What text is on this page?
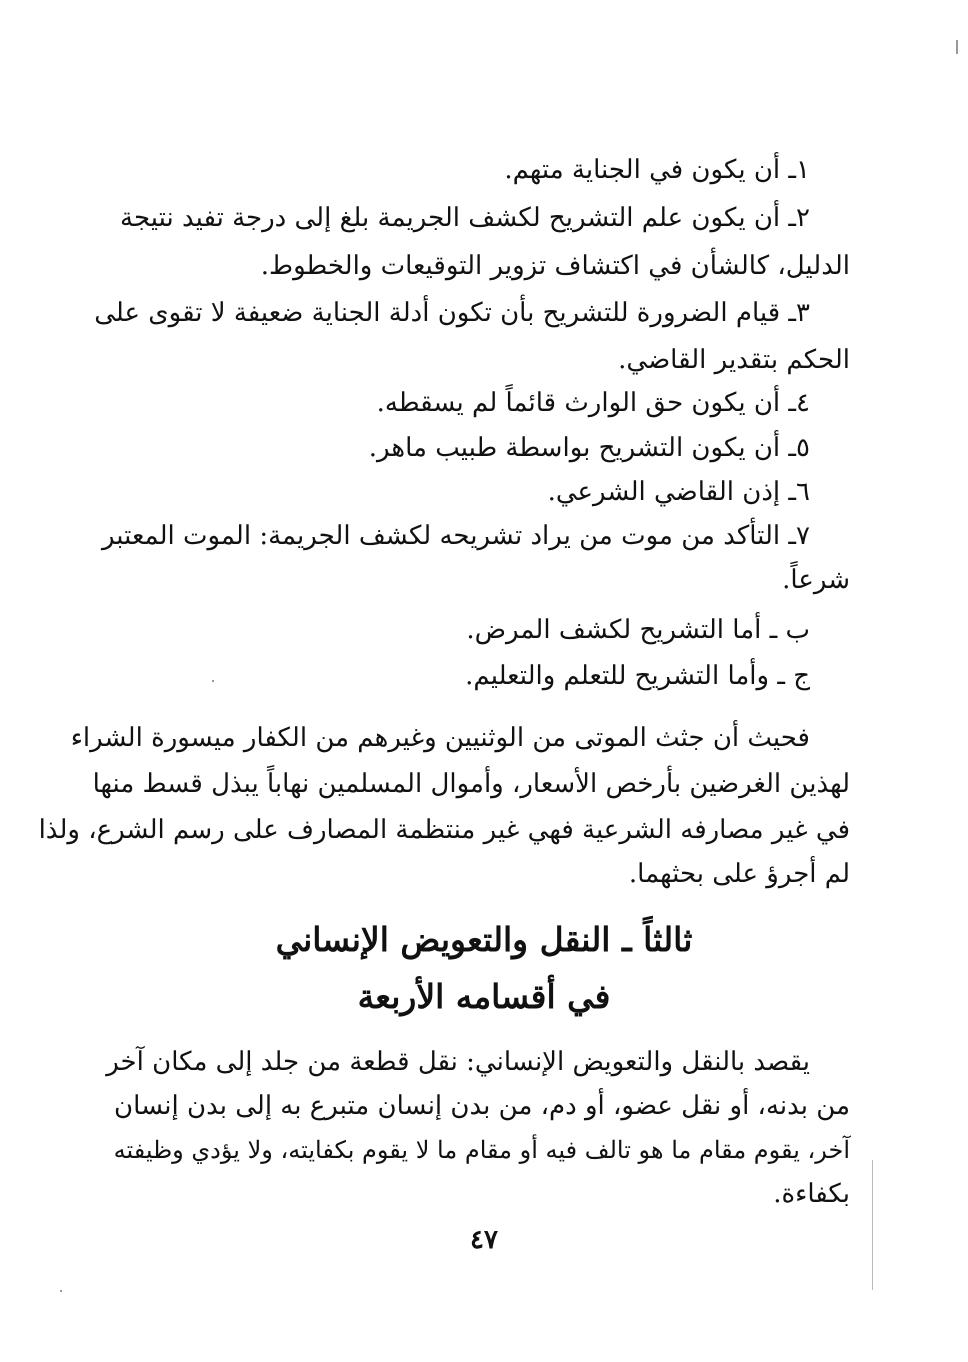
١ـ أن يكون في الجناية متهم.
٢ـ أن يكون علم التشريح لكشف الجريمة بلغ إلى درجة تفيد نتيجة
الدليل، كالشأن في اكتشاف تزوير التوقيعات والخطوط.
٣ـ قيام الضرورة للتشريح بأن تكون أدلة الجناية ضعيفة لا تقوى على
الحكم بتقدير القاضي.
٤ـ أن يكون حق الوارث قائماً لم يسقطه.
٥ـ أن يكون التشريح بواسطة طبيب ماهر.
٦ـ إذن القاضي الشرعي.
٧ـ التأكد من موت من يراد تشريحه لكشف الجريمة: الموت المعتبر
شرعاً.
ب ـ أما التشريح لكشف المرض.
ج ـ وأما التشريح للتعلم والتعليم.
فحيث أن جثث الموتى من الوثنيين وغيرهم من الكفار ميسورة الشراء
لهذين الغرضين بأرخص الأسعار، وأموال المسلمين نهاباً يبذل قسط منها
في غير مصارفه الشرعية فهي غير منتظمة المصارف على رسم الشرع، ولذا
لم أجرؤ على بحثهما.
ثالثاً ـ النقل والتعويض الإنساني
في أقسامه الأربعة
يقصد بالنقل والتعويض الإنساني: نقل قطعة من جلد إلى مكان آخر
من بدنه، أو نقل عضو، أو دم، من بدن إنسان متبرع به إلى بدن إنسان
آخر، يقوم مقام ما هو تالف فيه أو مقام ما لا يقوم بكفايته، ولا يؤدي وظيفته
بكفاءة.
٤٧
